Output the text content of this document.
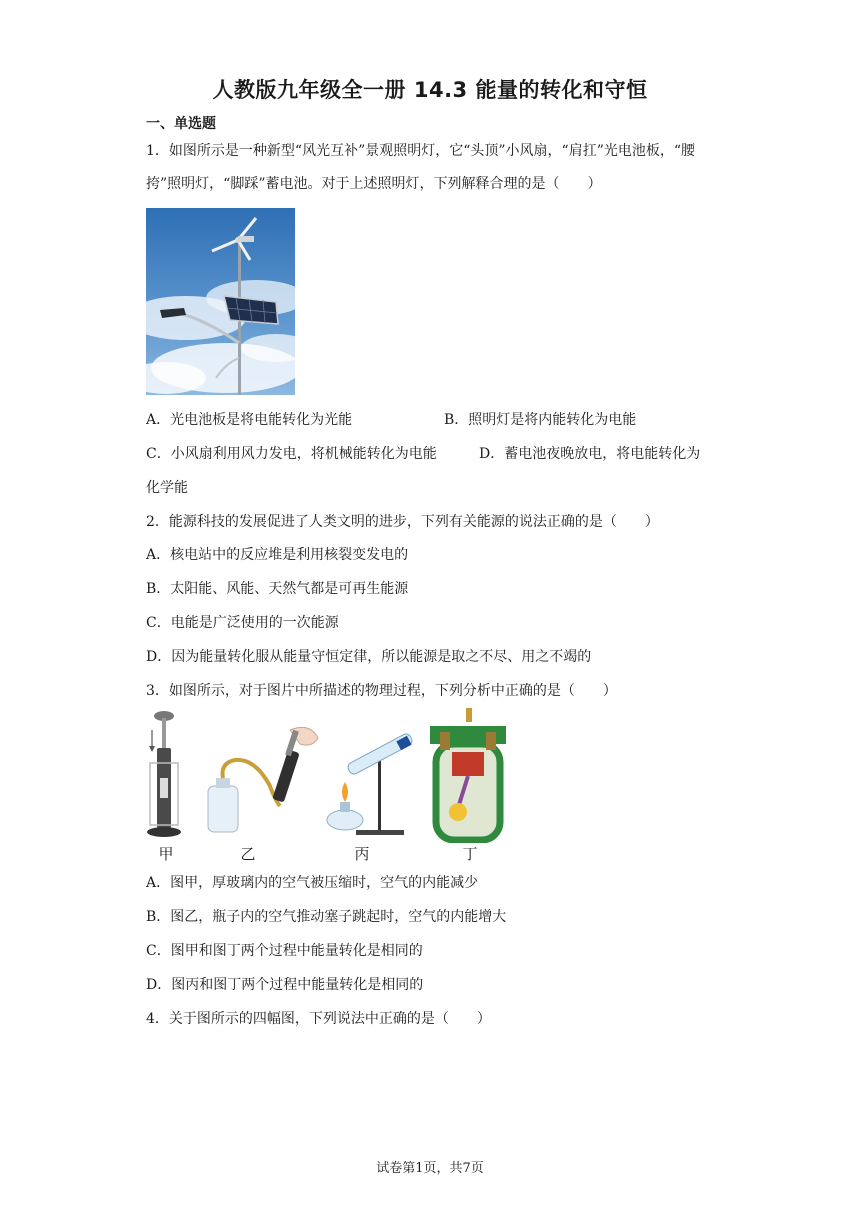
人教版九年级全一册 14.3 能量的转化和守恒
一、单选题
1．如图所示是一种新型“风光互补”景观照明灯，它“头顶”小风扇，“肩扛”光电池板，“腰
挎”照明灯，“脚踩”蓄电池。对于上述照明灯，下列解释合理的是（　　）
A．光电池板是将电能转化为光能	B．照明灯是将内能转化为电能
C．小风扇利用风力发电，将机械能转化为电能	D．蓄电池夜晚放电，将电能转化为
化学能
2．能源科技的发展促进了人类文明的进步，下列有关能源的说法正确的是（　　）
A．核电站中的反应堆是利用核裂变发电的
B．太阳能、风能、天然气都是可再生能源
C．电能是广泛使用的一次能源
D．因为能量转化服从能量守恒定律，所以能源是取之不尽、用之不竭的
3．如图所示，对于图片中所描述的物理过程，下列分析中正确的是（　　）
甲	乙	丙	丁
A．图甲，厚玻璃内的空气被压缩时，空气的内能减少
B．图乙，瓶子内的空气推动塞子跳起时，空气的内能增大
C．图甲和图丁两个过程中能量转化是相同的
D．图丙和图丁两个过程中能量转化是相同的
4．关于图所示的四幅图，下列说法中正确的是（　　）
试卷第1页，共7页
